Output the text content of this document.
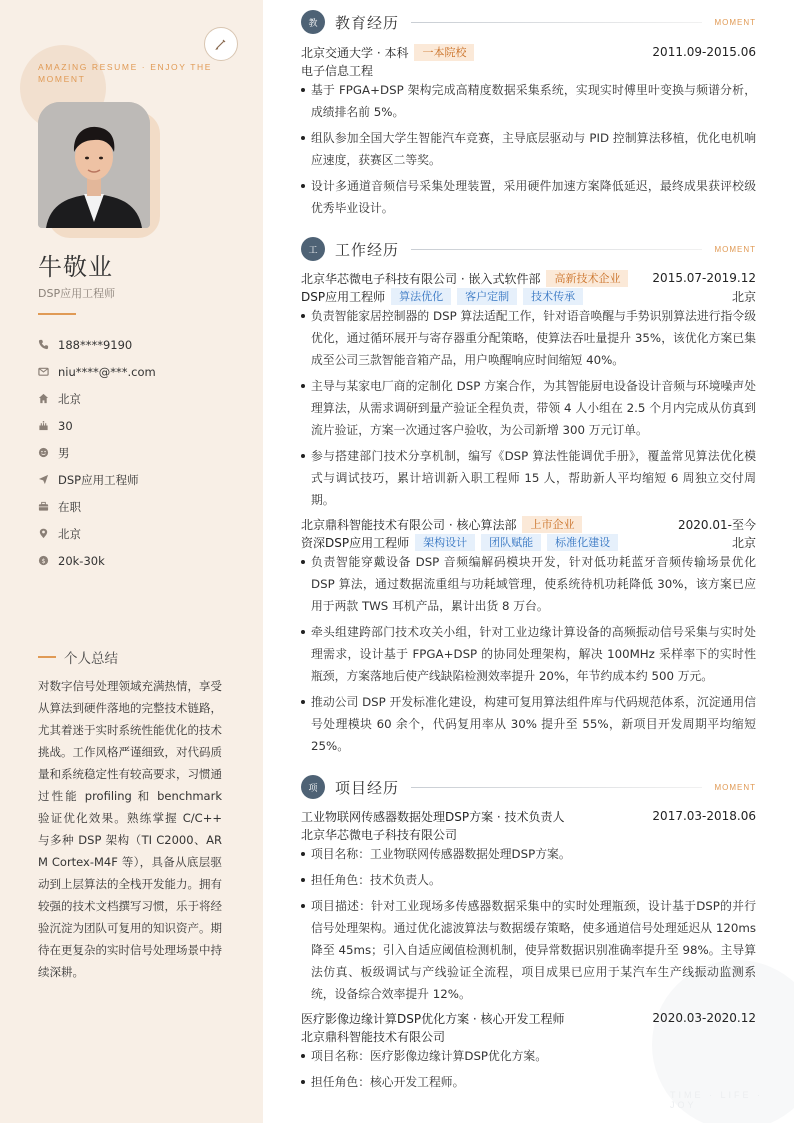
AMAZING RESUME · ENJOY THE MOMENT
牛敬业
DSP应用工程师
188****9190
niu****@***.com
北京
30
男
DSP应用工程师
在职
北京
$ 20k-30k
个人总结
对数字信号处理领域充满热情，享受从算法到硬件落地的完整技术链路，尤其着迷于实时系统性能优化的技术挑战。工作风格严谨细致，对代码质量和系统稳定性有较高要求，习惯通过性能 profiling 和 benchmark 验证优化效果。熟练掌握 C/C++ 与多种 DSP 架构（TI C2000、ARM Cortex-M4F 等），具备从底层驱动到上层算法的全栈开发能力。拥有较强的技术文档撰写习惯，乐于将经验沉淀为团队可复用的知识资产。期待在更复杂的实时信号处理场景中持续深耕。
TIME · LIFE · JOY
教	教育经历	MOMENT
北京交通大学 · 本科	一本院校	2011.09-2015.06
电子信息工程
基于 FPGA+DSP 架构完成高精度数据采集系统，实现实时傅里叶变换与频谱分析，成绩排名前 5%。
组队参加全国大学生智能汽车竞赛，主导底层驱动与 PID 控制算法移植，优化电机响应速度，获赛区二等奖。
设计多通道音频信号采集处理装置，采用硬件加速方案降低延迟，最终成果获评校级优秀毕业设计。
工	工作经历	MOMENT
北京华芯微电子科技有限公司 · 嵌入式软件部	高新技术企业	2015.07-2019.12
DSP应用工程师	算法优化	客户定制	技术传承	北京
负责智能家居控制器的 DSP 算法适配工作，针对语音唤醒与手势识别算法进行指令级优化，通过循环展开与寄存器重分配策略，使算法吞吐量提升 35%，该优化方案已集成至公司三款智能音箱产品，用户唤醒响应时间缩短 40%。
主导与某家电厂商的定制化 DSP 方案合作，为其智能厨电设备设计音频与环境噪声处理算法，从需求调研到量产验证全程负责，带领 4 人小组在 2.5 个月内完成从仿真到流片验证，方案一次通过客户验收，为公司新增 300 万元订单。
参与搭建部门技术分享机制，编写《DSP 算法性能调优手册》，覆盖常见算法优化模式与调试技巧，累计培训新入职工程师 15 人，帮助新人平均缩短 6 周独立交付周期。
北京鼎科智能技术有限公司 · 核心算法部	上市企业	2020.01-至今
资深DSP应用工程师	架构设计	团队赋能	标准化建设	北京
负责智能穿戴设备 DSP 音频编解码模块开发，针对低功耗蓝牙音频传输场景优化 DSP 算法，通过数据流重组与功耗域管理，使系统待机功耗降低 30%，该方案已应用于两款 TWS 耳机产品，累计出货 8 万台。
牵头组建跨部门技术攻关小组，针对工业边缘计算设备的高频振动信号采集与实时处理需求，设计基于 FPGA+DSP 的协同处理架构，解决 100MHz 采样率下的实时性瓶颈，方案落地后使产线缺陷检测效率提升 20%，年节约成本约 500 万元。
推动公司 DSP 开发标准化建设，构建可复用算法组件库与代码规范体系，沉淀通用信号处理模块 60 余个，代码复用率从 30% 提升至 55%，新项目开发周期平均缩短 25%。
项	项目经历	MOMENT
工业物联网传感器数据处理DSP方案 · 技术负责人	2017.03-2018.06
北京华芯微电子科技有限公司
项目名称：工业物联网传感器数据处理DSP方案。
担任角色：技术负责人。
项目描述：针对工业现场多传感器数据采集中的实时处理瓶颈，设计基于DSP的并行信号处理架构。通过优化滤波算法与数据缓存策略，使多通道信号处理延迟从 120ms 降至 45ms；引入自适应阈值检测机制，使异常数据识别准确率提升至 98%。主导算法仿真、板级调试与产线验证全流程，项目成果已应用于某汽车生产线振动监测系统，设备综合效率提升 12%。
医疗影像边缘计算DSP优化方案 · 核心开发工程师	2020.03-2020.12
北京鼎科智能技术有限公司
项目名称：医疗影像边缘计算DSP优化方案。
担任角色：核心开发工程师。
